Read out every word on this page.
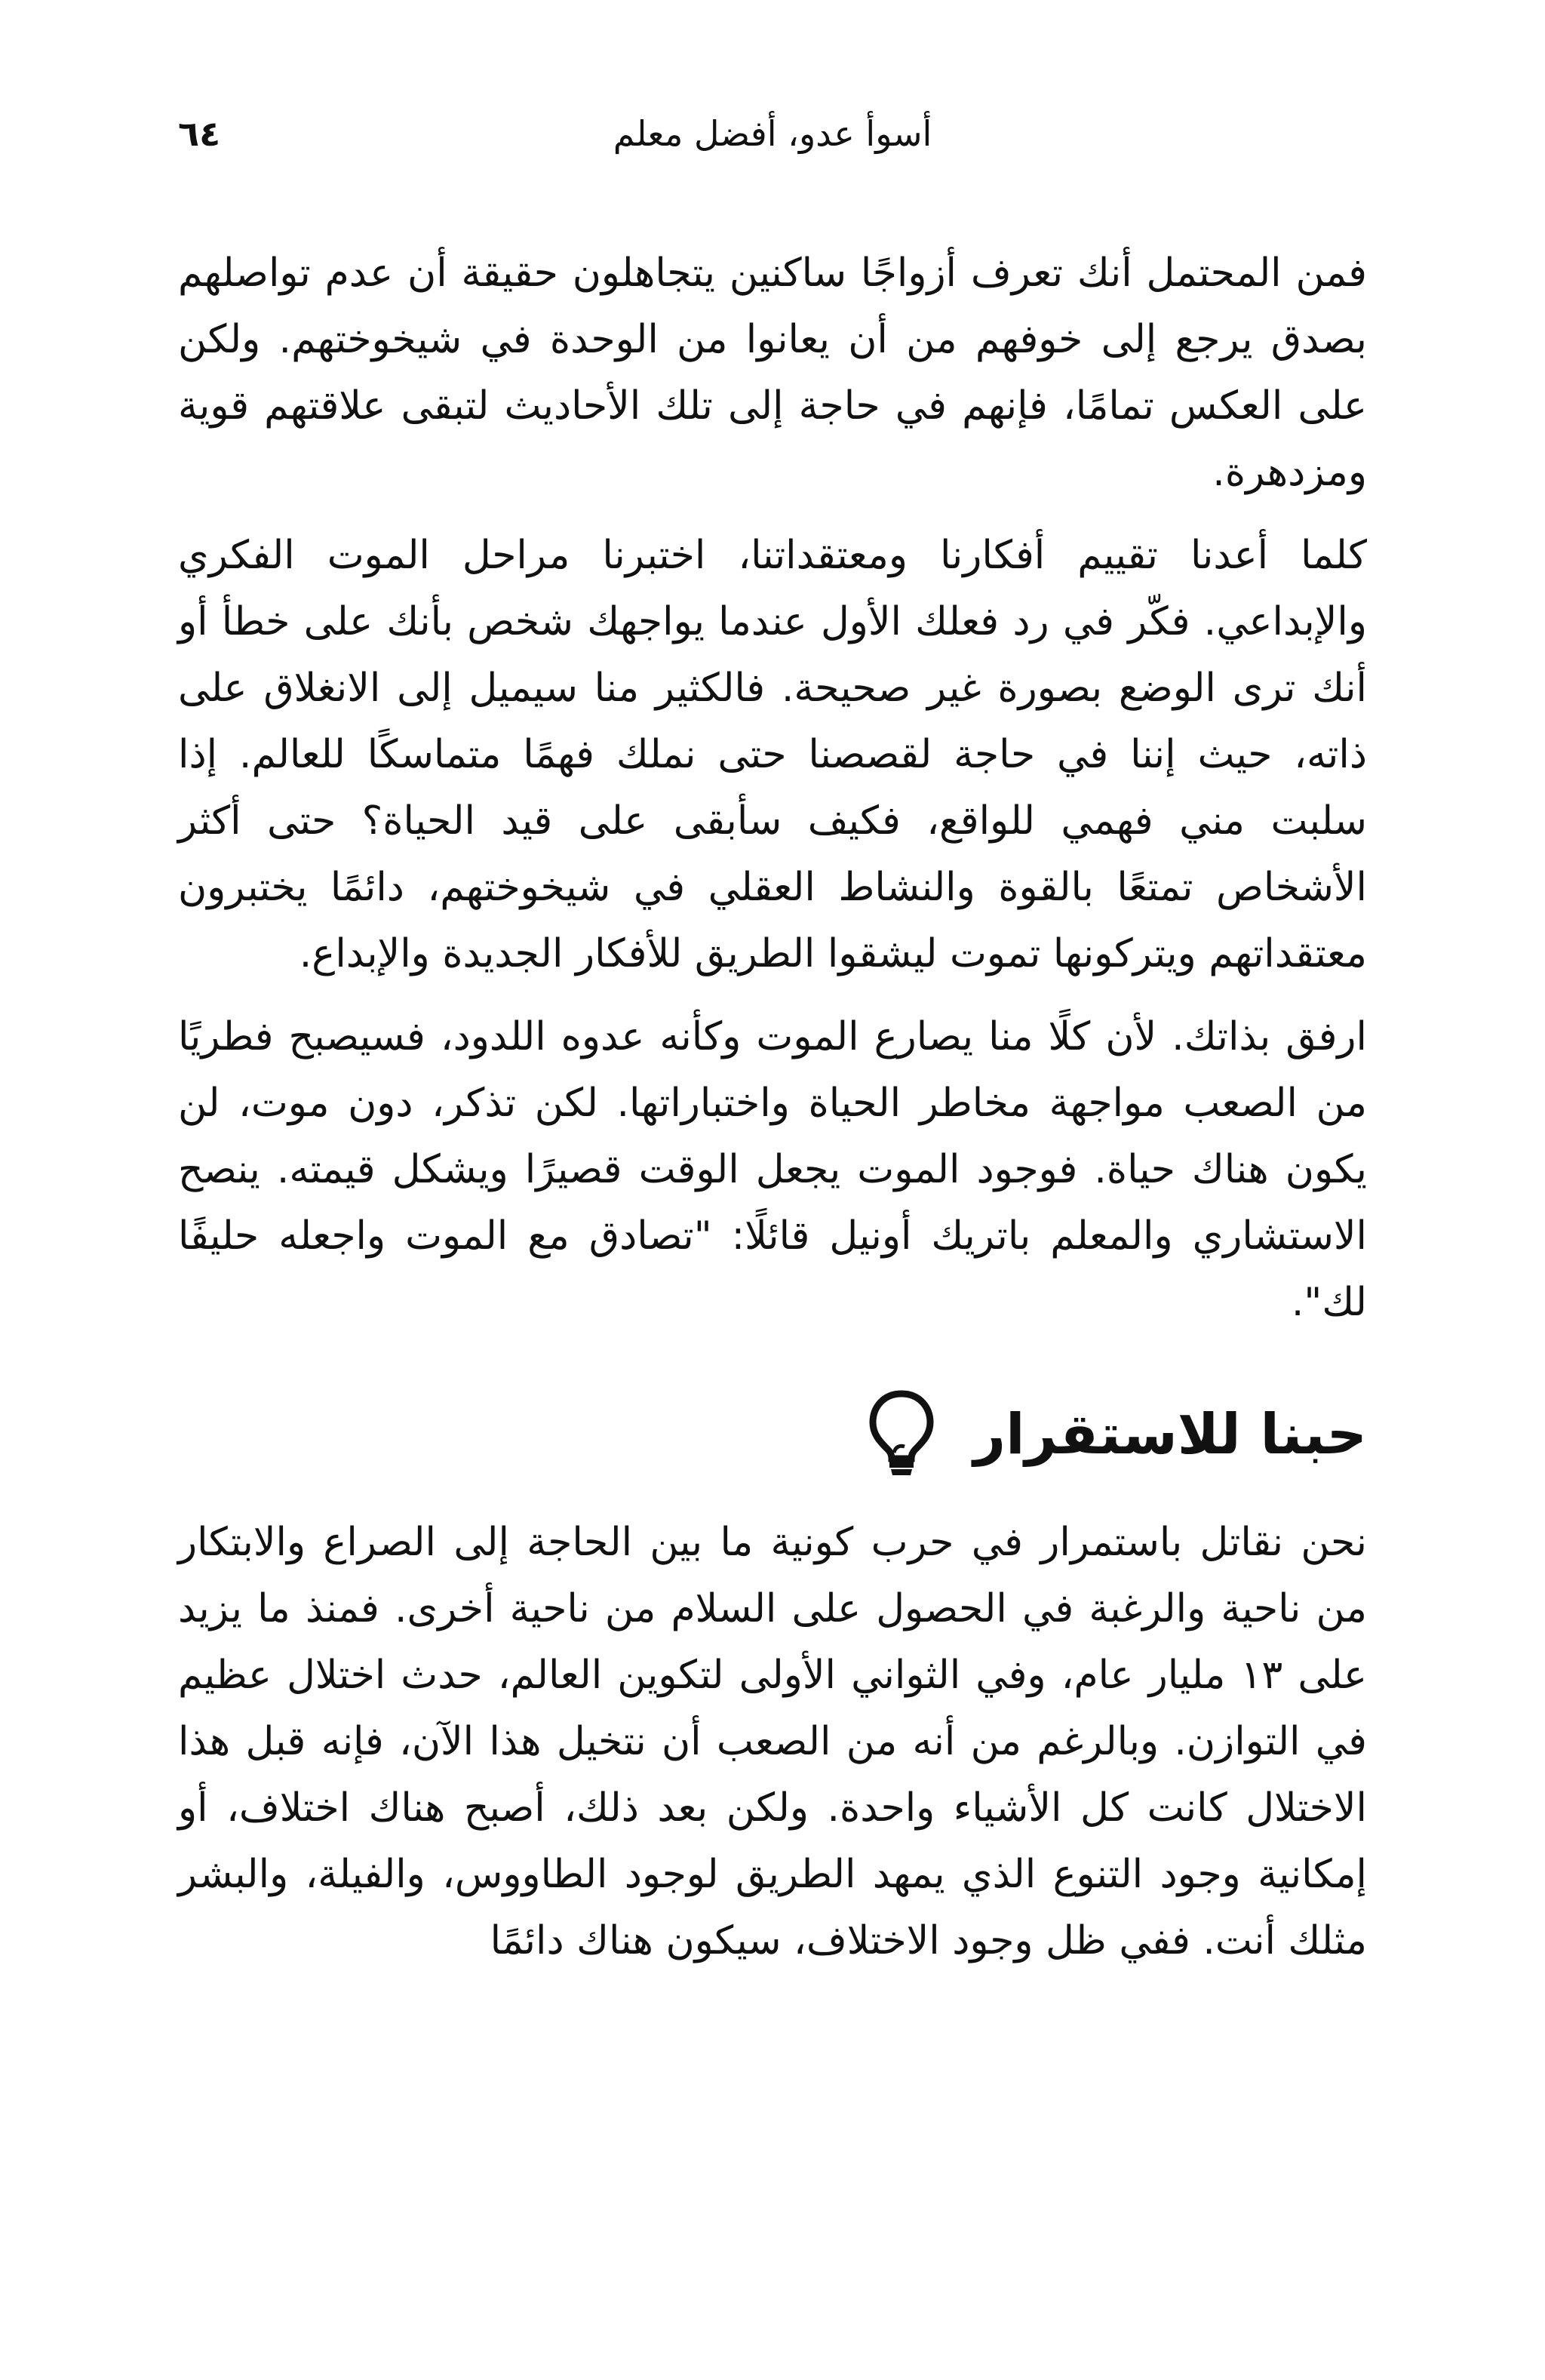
٦٤	أسوأ عدو، أفضل معلم

فمن المحتمل أنك تعرف أزواجًا ساكنين يتجاهلون حقيقة أن عدم تواصلهم بصدق يرجع إلى خوفهم من أن يعانوا من الوحدة في شيخوختهم. ولكن على العكس تمامًا، فإنهم في حاجة إلى تلك الأحاديث لتبقى علاقتهم قوية ومزدهرة.

كلما أعدنا تقييم أفكارنا ومعتقداتنا، اختبرنا مراحل الموت الفكري والإبداعي. فكّر في رد فعلك الأول عندما يواجهك شخص بأنك على خطأ أو أنك ترى الوضع بصورة غير صحيحة. فالكثير منا سيميل إلى الانغلاق على ذاته، حيث إننا في حاجة لقصصنا حتى نملك فهمًا متماسكًا للعالم. إذا سلبت مني فهمي للواقع، فكيف سأبقى على قيد الحياة؟ حتى أكثر الأشخاص تمتعًا بالقوة والنشاط العقلي في شيخوختهم، دائمًا يختبرون معتقداتهم ويتركونها تموت ليشقوا الطريق للأفكار الجديدة والإبداع.

ارفق بذاتك. لأن كلًا منا يصارع الموت وكأنه عدوه اللدود، فسيصبح فطريًا من الصعب مواجهة مخاطر الحياة واختباراتها. لكن تذكر، دون موت، لن يكون هناك حياة. فوجود الموت يجعل الوقت قصيرًا ويشكل قيمته. ينصح الاستشاري والمعلم باتريك أونيل قائلًا: "تصادق مع الموت واجعله حليفًا لك".

حبنا للاستقرار

نحن نقاتل باستمرار في حرب كونية ما بين الحاجة إلى الصراع والابتكار من ناحية والرغبة في الحصول على السلام من ناحية أخرى. فمنذ ما يزيد على ١٣ مليار عام، وفي الثواني الأولى لتكوين العالم، حدث اختلال عظيم في التوازن. وبالرغم من أنه من الصعب أن نتخيل هذا الآن، فإنه قبل هذا الاختلال كانت كل الأشياء واحدة. ولكن بعد ذلك، أصبح هناك اختلاف، أو إمكانية وجود التنوع الذي يمهد الطريق لوجود الطاووس، والفيلة، والبشر مثلك أنت. ففي ظل وجود الاختلاف، سيكون هناك دائمًا
